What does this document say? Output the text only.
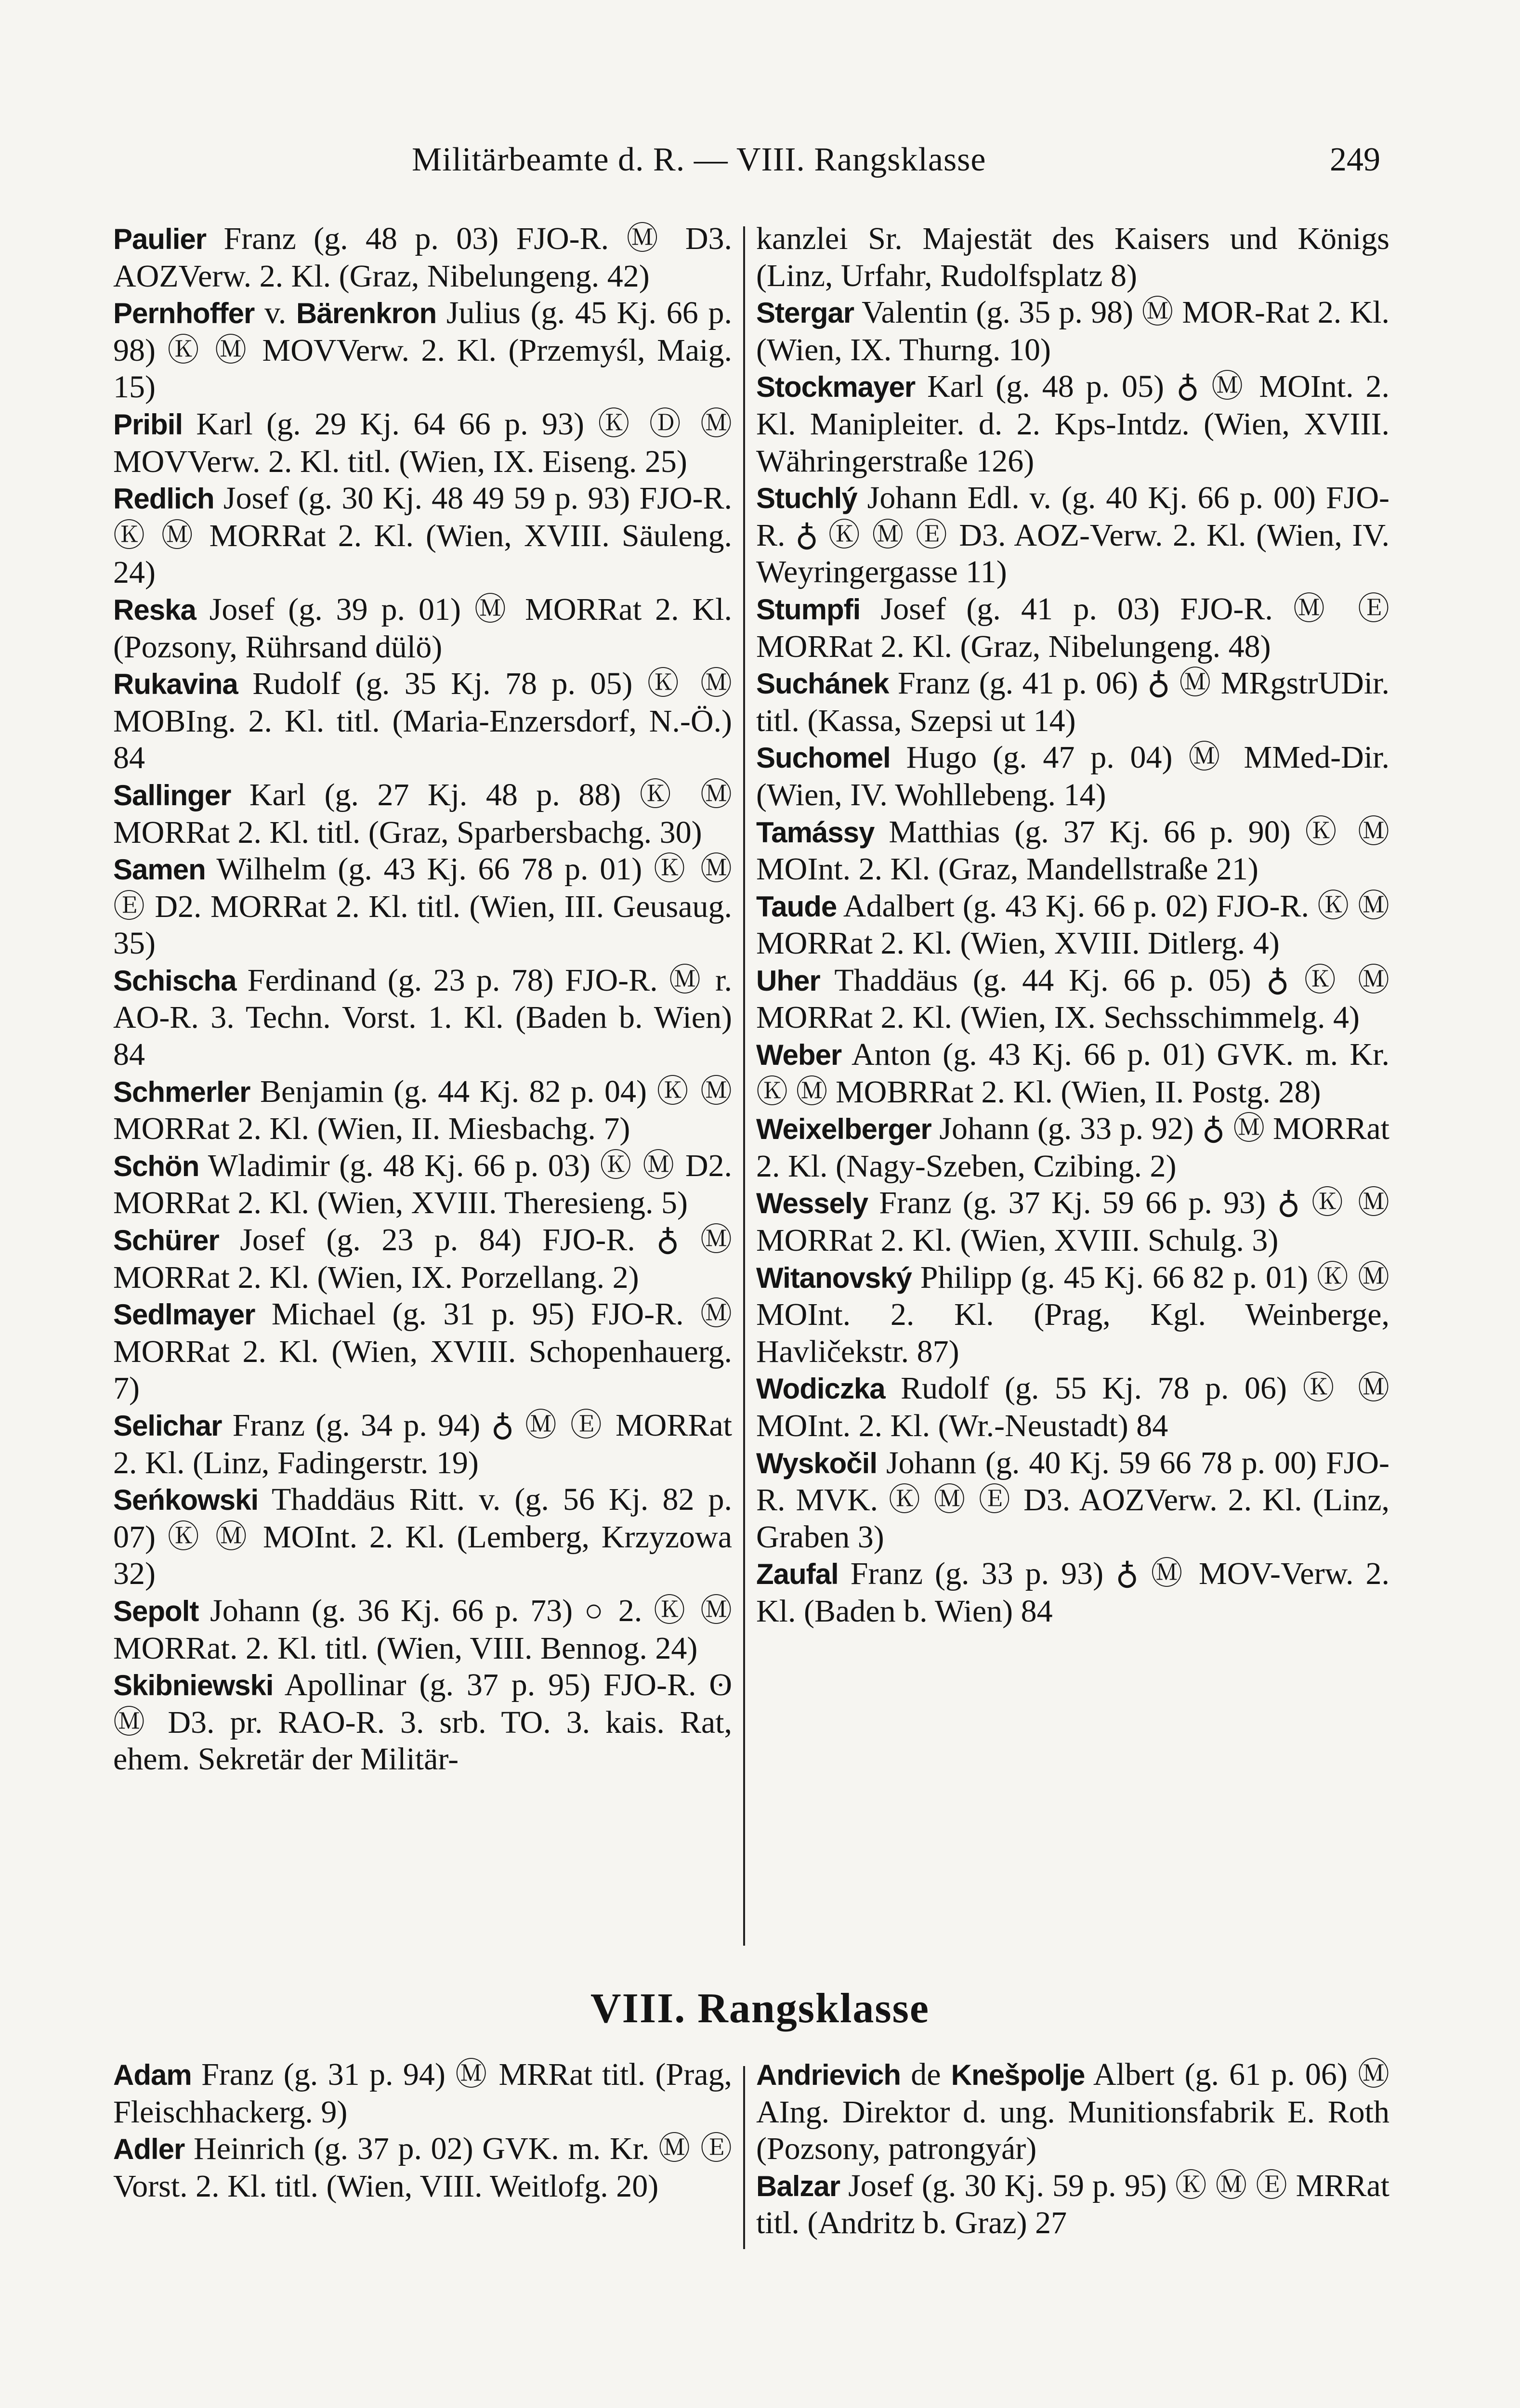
Militärbeamte d. R. — VIII. Rangsklasse	249

Paulier Franz (g. 48 p. 03) FJO-R. Ⓜ D3. AOZVerw. 2. Kl. (Graz, Nibelungeng. 42)

Pernhoffer v. Bärenkron Julius (g. 45 Kj. 66 p. 98) Ⓚ Ⓜ MOVVerw. 2. Kl. (Przemyśl, Maig. 15)

Pribil Karl (g. 29 Kj. 64 66 p. 93) Ⓚ Ⓓ Ⓜ MOVVerw. 2. Kl. titl. (Wien, IX. Eiseng. 25)

Redlich Josef (g. 30 Kj. 48 49 59 p. 93) FJO-R. Ⓚ Ⓜ MORRat 2. Kl. (Wien, XVIII. Säuleng. 24)

Reska Josef (g. 39 p. 01) Ⓜ MORRat 2. Kl. (Pozsony, Rührsand dülö)

Rukavina Rudolf (g. 35 Kj. 78 p. 05) Ⓚ Ⓜ MOBIng. 2. Kl. titl. (Maria-Enzersdorf, N.-Ö.) 84

Sallinger Karl (g. 27 Kj. 48 p. 88) Ⓚ Ⓜ MORRat 2. Kl. titl. (Graz, Sparbersbachg. 30)

Samen Wilhelm (g. 43 Kj. 66 78 p. 01) Ⓚ Ⓜ Ⓔ D2. MORRat 2. Kl. titl. (Wien, III. Geusaug. 35)

Schischa Ferdinand (g. 23 p. 78) FJO-R. Ⓜ r. AO-R. 3. Techn. Vorst. 1. Kl. (Baden b. Wien) 84

Schmerler Benjamin (g. 44 Kj. 82 p. 04) Ⓚ Ⓜ MORRat 2. Kl. (Wien, II. Miesbachg. 7)

Schön Wladimir (g. 48 Kj. 66 p. 03) Ⓚ Ⓜ D2. MORRat 2. Kl. (Wien, XVIII. Theresieng. 5)

Schürer Josef (g. 23 p. 84) FJO-R. ♁ Ⓜ MORRat 2. Kl. (Wien, IX. Porzellang. 2)

Sedlmayer Michael (g. 31 p. 95) FJO-R. Ⓜ MORRat 2. Kl. (Wien, XVIII. Schopenhauerg. 7)

Selichar Franz (g. 34 p. 94) ♁ Ⓜ Ⓔ MORRat 2. Kl. (Linz, Fadingerstr. 19)

Seńkowski Thaddäus Ritt. v. (g. 56 Kj. 82 p. 07) Ⓚ Ⓜ MOInt. 2. Kl. (Lemberg, Krzyzowa 32)

Sepolt Johann (g. 36 Kj. 66 p. 73) ○ 2. Ⓚ Ⓜ MORRat. 2. Kl. titl. (Wien, VIII. Bennog. 24)

Skibniewski Apollinar (g. 37 p. 95) FJO-R. ʘ Ⓜ D3. pr. RAO-R. 3. srb. TO. 3. kais. Rat, ehem. Sekretär der Militär-

kanzlei Sr. Majestät des Kaisers und Königs (Linz, Urfahr, Rudolfsplatz 8)

Stergar Valentin (g. 35 p. 98) Ⓜ MOR-Rat 2. Kl. (Wien, IX. Thurng. 10)

Stockmayer Karl (g. 48 p. 05) ♁ Ⓜ MOInt. 2. Kl. Manipleiter. d. 2. Kps-Intdz. (Wien, XVIII. Währingerstraße 126)

Stuchlý Johann Edl. v. (g. 40 Kj. 66 p. 00) FJO-R. ♁ Ⓚ Ⓜ Ⓔ D3. AOZ-Verw. 2. Kl. (Wien, IV. Weyringergasse 11)

Stumpfi Josef (g. 41 p. 03) FJO-R. Ⓜ Ⓔ MORRat 2. Kl. (Graz, Nibelungeng. 48)

Suchánek Franz (g. 41 p. 06) ♁ Ⓜ MRgstrUDir. titl. (Kassa, Szepsi ut 14)

Suchomel Hugo (g. 47 p. 04) Ⓜ MMed-Dir. (Wien, IV. Wohllebeng. 14)

Tamássy Matthias (g. 37 Kj. 66 p. 90) Ⓚ Ⓜ MOInt. 2. Kl. (Graz, Mandellstraße 21)

Taude Adalbert (g. 43 Kj. 66 p. 02) FJO-R. Ⓚ Ⓜ MORRat 2. Kl. (Wien, XVIII. Ditlerg. 4)

Uher Thaddäus (g. 44 Kj. 66 p. 05) ♁ Ⓚ Ⓜ MORRat 2. Kl. (Wien, IX. Sechsschimmelg. 4)

Weber Anton (g. 43 Kj. 66 p. 01) GVK. m. Kr. Ⓚ Ⓜ MOBRRat 2. Kl. (Wien, II. Postg. 28)

Weixelberger Johann (g. 33 p. 92) ♁ Ⓜ MORRat 2. Kl. (Nagy-Szeben, Czibing. 2)

Wessely Franz (g. 37 Kj. 59 66 p. 93) ♁ Ⓚ Ⓜ MORRat 2. Kl. (Wien, XVIII. Schulg. 3)

Witanovský Philipp (g. 45 Kj. 66 82 p. 01) Ⓚ Ⓜ MOInt. 2. Kl. (Prag, Kgl. Weinberge, Havličekstr. 87)

Wodiczka Rudolf (g. 55 Kj. 78 p. 06) Ⓚ Ⓜ MOInt. 2. Kl. (Wr.-Neustadt) 84

Wyskočil Johann (g. 40 Kj. 59 66 78 p. 00) FJO-R. MVK. Ⓚ Ⓜ Ⓔ D3. AOZVerw. 2. Kl. (Linz, Graben 3)

Zaufal Franz (g. 33 p. 93) ♁ Ⓜ MOV-Verw. 2. Kl. (Baden b. Wien) 84

VIII. Rangsklasse

Adam Franz (g. 31 p. 94) Ⓜ MRRat titl. (Prag, Fleischhackerg. 9)

Adler Heinrich (g. 37 p. 02) GVK. m. Kr. Ⓜ Ⓔ Vorst. 2. Kl. titl. (Wien, VIII. Weitlofg. 20)

Andrievich de Knešpolje Albert (g. 61 p. 06) Ⓜ AIng. Direktor d. ung. Munitionsfabrik E. Roth (Pozsony, patrongyár)

Balzar Josef (g. 30 Kj. 59 p. 95) Ⓚ Ⓜ Ⓔ MRRat titl. (Andritz b. Graz) 27
